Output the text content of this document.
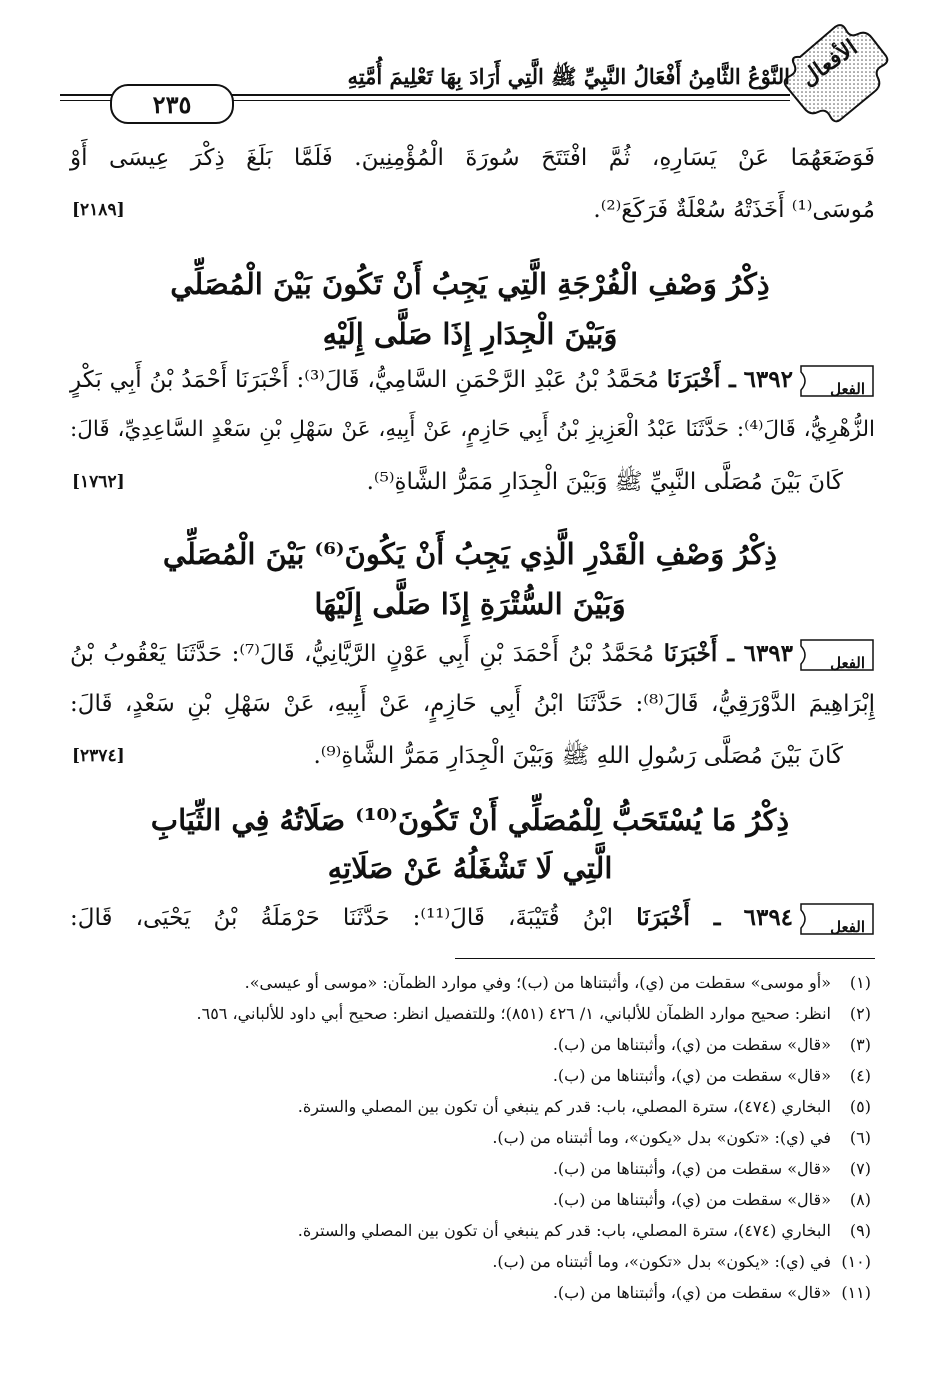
الأفعال
النَّوْعُ الثَّامِنُ أَفْعَالُ النَّبِيِّ ﷺ الَّتِي أَرَادَ بِهَا تَعْلِيمَ أُمَّتِهِ
٢٣٥
فَوَضَعَهُمَا عَنْ يَسَارِهِ، ثُمَّ افْتَتَحَ سُورَةَ الْمُؤْمِنِينَ. فَلَمَّا بَلَغَ ذِكْرَ عِيسَى أَوْ
مُوسَى⁽¹⁾ أَخَذَتْهُ سُعْلَةٌ فَرَكَعَ⁽²⁾.
[٢١٨٩]
ذِكْرُ وَصْفِ الْفُرْجَةِ الَّتِي يَجِبُ أَنْ تَكُونَ بَيْنَ الْمُصَلِّي
وَبَيْنَ الْجِدَارِ إِذَا صَلَّى إِلَيْهِ
الفعل
٦٣٩٢ ـ أَخْبَرَنَا مُحَمَّدُ بْنُ عَبْدِ الرَّحْمَنِ السَّامِيُّ، قَالَ⁽³⁾: أَخْبَرَنَا أَحْمَدُ بْنُ أَبِي بَكْرٍ
الزُّهْرِيُّ، قَالَ⁽⁴⁾: حَدَّثَنَا عَبْدُ الْعَزِيزِ بْنُ أَبِي حَازِمٍ، عَنْ أَبِيهِ، عَنْ سَهْلِ بْنِ سَعْدٍ السَّاعِدِيِّ، قَالَ:
كَانَ بَيْنَ مُصَلَّى النَّبِيِّ ﷺ وَبَيْنَ الْجِدَارِ مَمَرُّ الشَّاةِ⁽⁵⁾.
[١٧٦٢]
ذِكْرُ وَصْفِ الْقَدْرِ الَّذِي يَجِبُ أَنْ يَكُونَ⁽⁶⁾ بَيْنَ الْمُصَلِّي
وَبَيْنَ السُّتْرَةِ إِذَا صَلَّى إِلَيْهَا
الفعل
٦٣٩٣ ـ أَخْبَرَنَا مُحَمَّدُ بْنُ أَحْمَدَ بْنِ أَبِي عَوْنٍ الرَّيَّانِيُّ، قَالَ⁽⁷⁾: حَدَّثَنَا يَعْقُوبُ بْنُ
إِبْرَاهِيمَ الدَّوْرَقِيُّ، قَالَ⁽⁸⁾: حَدَّثَنَا ابْنُ أَبِي حَازِمٍ، عَنْ أَبِيهِ، عَنْ سَهْلِ بْنِ سَعْدٍ، قَالَ:
كَانَ بَيْنَ مُصَلَّى رَسُولِ اللهِ ﷺ وَبَيْنَ الْجِدَارِ مَمَرُّ الشَّاةِ⁽⁹⁾.
[٢٣٧٤]
ذِكْرُ مَا يُسْتَحَبُّ لِلْمُصَلِّي أَنْ تَكُونَ⁽¹⁰⁾ صَلَاتُهُ فِي الثِّيَابِ
الَّتِي لَا تَشْغَلُهُ عَنْ صَلَاتِهِ
الفعل
٦٣٩٤ ـ أَخْبَرَنَا ابْنُ قُتَيْبَةَ، قَالَ⁽¹¹⁾: حَدَّثَنَا حَرْمَلَةُ بْنُ يَحْيَى، قَالَ:
(١)«أو موسى» سقطت من (ي)، وأثبتناها من (ب)؛ وفي موارد الظمآن: «موسى أو عيسى».
(٢)انظر: صحيح موارد الظمآن للألباني، ١/ ٤٢٦ (٨٥١)؛ وللتفصيل انظر: صحيح أبي داود للألباني، ٦٥٦.
(٣)«قال» سقطت من (ي)، وأثبتناها من (ب).
(٤)«قال» سقطت من (ي)، وأثبتناها من (ب).
(٥)البخاري (٤٧٤)، سترة المصلي، باب: قدر كم ينبغي أن تكون بين المصلي والسترة.
(٦)في (ي): «تكون» بدل «يكون»، وما أثبتناه من (ب).
(٧)«قال» سقطت من (ي)، وأثبتناها من (ب).
(٨)«قال» سقطت من (ي)، وأثبتناها من (ب).
(٩)البخاري (٤٧٤)، سترة المصلي، باب: قدر كم ينبغي أن تكون بين المصلي والسترة.
(١٠)في (ي): «يكون» بدل «تكون»، وما أثبتناه من (ب).
(١١)«قال» سقطت من (ي)، وأثبتناها من (ب).
